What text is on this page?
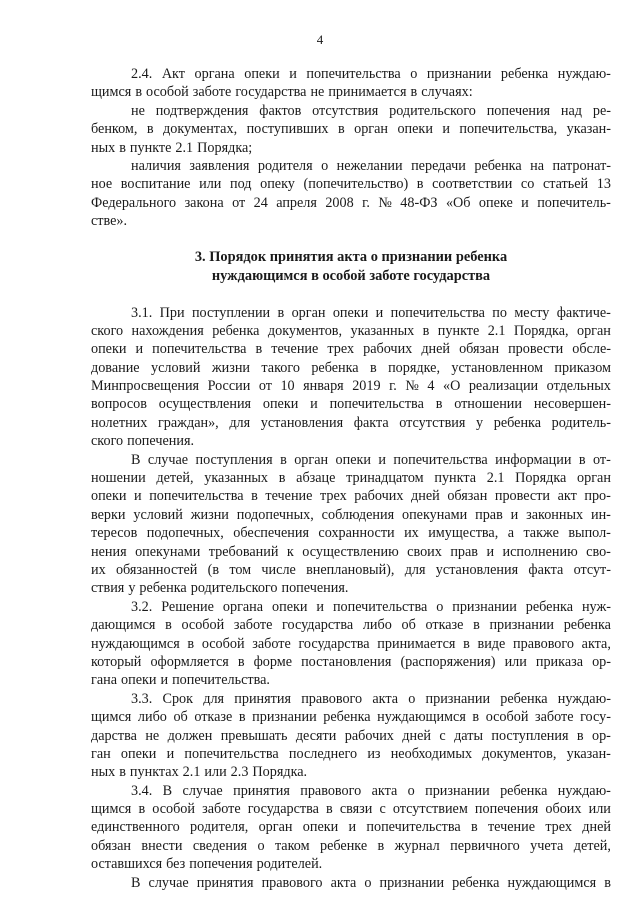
4
2.4. Акт органа опеки и попечительства о признании ребенка нуждаю-
щимся в особой заботе государства не принимается в случаях:
не подтверждения фактов отсутствия родительского попечения над ре-
бенком, в документах, поступивших в орган опеки и попечительства, указан-
ных в пункте 2.1 Порядка;
наличия заявления родителя о нежелании передачи ребенка на патронат-
ное воспитание или под опеку (попечительство) в соответствии со статьей 13
Федерального закона от 24 апреля 2008 г. № 48-ФЗ «Об опеке и попечитель-
стве».
3. Порядок принятия акта о признании ребенка
нуждающимся в особой заботе государства
3.1. При поступлении в орган опеки и попечительства по месту фактиче-
ского нахождения ребенка документов, указанных в пункте 2.1 Порядка, орган
опеки и попечительства в течение трех рабочих дней обязан провести обсле-
дование условий жизни такого ребенка в порядке, установленном приказом
Минпросвещения России от 10 января 2019 г. № 4 «О реализации отдельных
вопросов осуществления опеки и попечительства в отношении несовершен-
нолетних граждан», для установления факта отсутствия у ребенка родитель-
ского попечения.
В случае поступления в орган опеки и попечительства информации в от-
ношении детей, указанных в абзаце тринадцатом пункта 2.1 Порядка орган
опеки и попечительства в течение трех рабочих дней обязан провести акт про-
верки условий жизни подопечных, соблюдения опекунами прав и законных ин-
тересов подопечных, обеспечения сохранности их имущества, а также выпол-
нения опекунами требований к осуществлению своих прав и исполнению сво-
их обязанностей (в том числе внеплановый), для установления факта отсут-
ствия у ребенка родительского попечения.
3.2. Решение органа опеки и попечительства о признании ребенка нуж-
дающимся в особой заботе государства либо об отказе в признании ребенка
нуждающимся в особой заботе государства принимается в виде правового акта,
который оформляется в форме постановления (распоряжения) или приказа ор-
гана опеки и попечительства.
3.3. Срок для принятия правового акта о признании ребенка нуждаю-
щимся либо об отказе в признании ребенка нуждающимся в особой заботе госу-
дарства не должен превышать десяти рабочих дней с даты поступления в ор-
ган опеки и попечительства последнего из необходимых документов, указан-
ных в пунктах 2.1 или 2.3 Порядка.
3.4. В случае принятия правового акта о признании ребенка нуждаю-
щимся в особой заботе государства в связи с отсутствием попечения обоих или
единственного родителя, орган опеки и попечительства в течение трех дней
обязан внести сведения о таком ребенке в журнал первичного учета детей,
оставшихся без попечения родителей.
В случае принятия правового акта о признании ребенка нуждающимся в
